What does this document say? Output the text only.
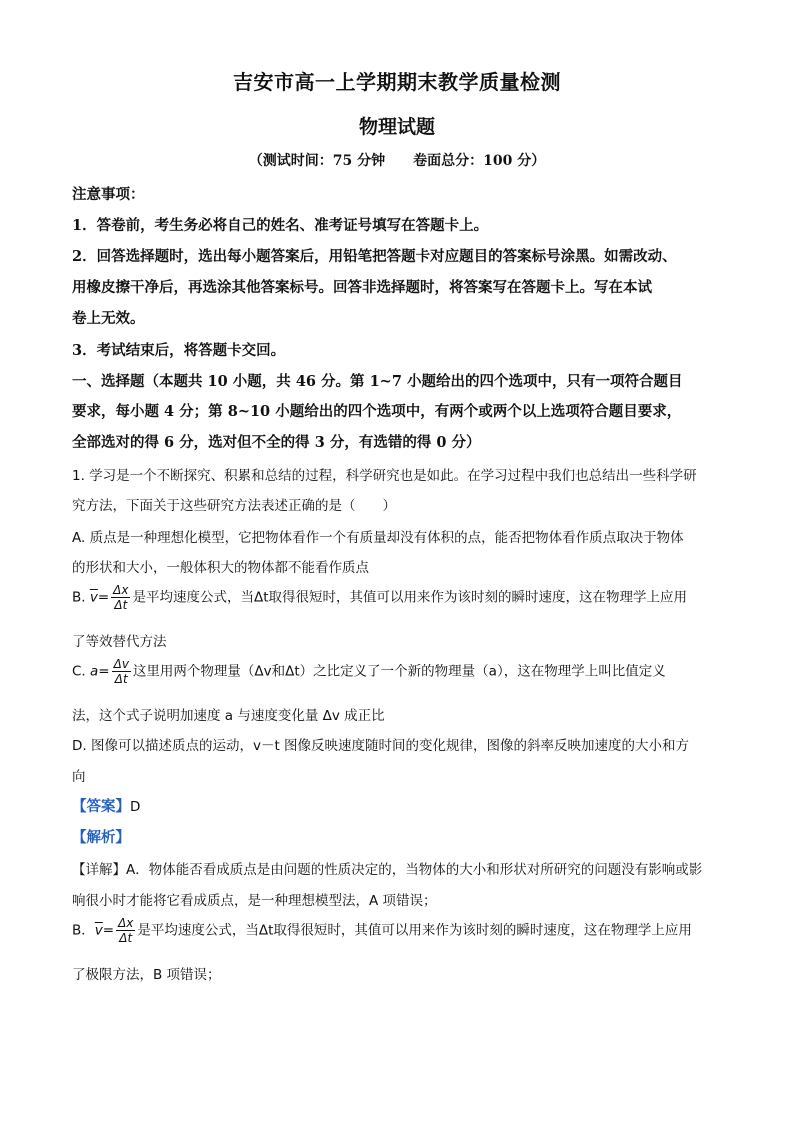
吉安市高一上学期期末教学质量检测
物理试题
（测试时间：75 分钟　　卷面总分：100 分）
注意事项：
1．答卷前，考生务必将自己的姓名、准考证号填写在答题卡上。
2．回答选择题时，选出每小题答案后，用铅笔把答题卡对应题目的答案标号涂黑。如需改动、
用橡皮擦干净后，再选涂其他答案标号。回答非选择题时，将答案写在答题卡上。写在本试
卷上无效。
3．考试结束后，将答题卡交回。
一、选择题（本题共 10 小题，共 46 分。第 1~7 小题给出的四个选项中，只有一项符合题目
要求，每小题 4 分；第 8~10 小题给出的四个选项中，有两个或两个以上选项符合题目要求，
全部选对的得 6 分，选对但不全的得 3 分，有选错的得 0 分）
1. 学习是一个不断探究、积累和总结的过程，科学研究也是如此。在学习过程中我们也总结出一些科学研
究方法，下面关于这些研究方法表述正确的是（　　）
A. 质点是一种理想化模型，它把物体看作一个有质量却没有体积的点，能否把物体看作质点取决于物体
的形状和大小，一般体积大的物体都不能看作质点
B. $\overline{v}= \frac{\Delta x}{\Delta t}$ 是平均速度公式，当Δt取得很短时，其值可以用来作为该时刻的瞬时速度，这在物理学上应用
了等效替代方法
C. $a= \frac{\Delta v}{\Delta t}$ 这里用两个物理量（Δv和Δt）之比定义了一个新的物理量（a），这在物理学上叫比值定义
法，这个式子说明加速度 a 与速度变化量 Δv 成正比
D. 图像可以描述质点的运动，v－t 图像反映速度随时间的变化规律，图像的斜率反映加速度的大小和方
向
【答案】D
【解析】
【详解】A．物体能否看成质点是由问题的性质决定的，当物体的大小和形状对所研究的问题没有影响或影
响很小时才能将它看成质点，是一种理想模型法，A 项错误；
B．$\overline{v}= \frac{\Delta x}{\Delta t}$ 是平均速度公式，当Δt取得很短时，其值可以用来作为该时刻的瞬时速度，这在物理学上应用
了极限方法，B 项错误；
